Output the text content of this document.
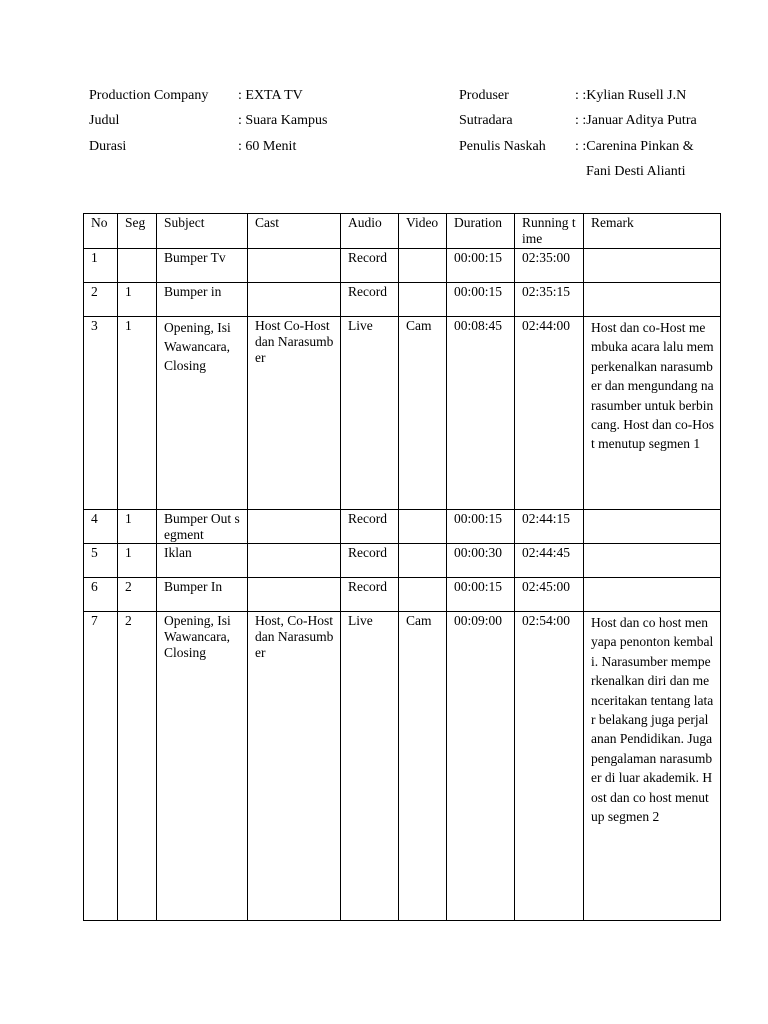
Production Company : EXTA TV
Judul	: Suara Kampus
Durasi	: 60 Menit
Produser	: :Kylian Rusell J.N
Sutradara	: :Januar Aditya Putra
Penulis Naskah : :Carenina Pinkan &
Fani Desti Alianti
No	Seg	Subject	Cast	Audio	Video	Duration	Running time	Remark
1		Bumper Tv		Record		00:00:15	02:35:00	
2	1	Bumper in		Record		00:00:15	02:35:15	
3	1	Opening, Isi Wawancara, Closing	Host Co-Host dan Narasumber	Live	Cam	00:08:45	02:44:00	Host dan co-Host membuka acara lalu memperkenalkan narasumber dan mengundang narasumber untuk berbincang. Host dan co-Host menutup segmen 1
4	1	Bumper Out segment		Record		00:00:15	02:44:15	
5	1	Iklan		Record		00:00:30	02:44:45	
6	2	Bumper In		Record		00:00:15	02:45:00	
7	2	Opening, Isi Wawancara, Closing	Host, Co-Host dan Narasumber	Live	Cam	00:09:00	02:54:00	Host dan co host menyapa penonton kembali. Narasumber memperkenalkan diri dan menceritakan tentang latar belakang juga perjalanan Pendidikan. Juga pengalaman narasumber di luar akademik. Host dan co host menutup segmen 2
